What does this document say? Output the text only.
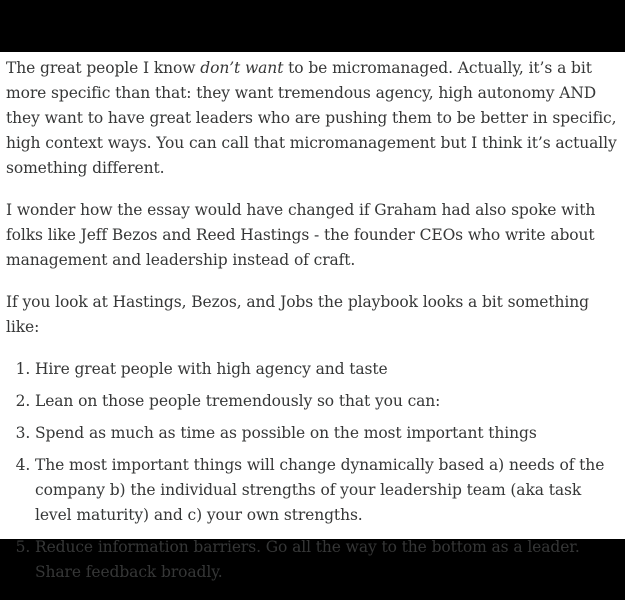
The great people I know don’t want to be micromanaged. Actually, it’s a bit more specific than that: they want tremendous agency, high autonomy AND they want to have great leaders who are pushing them to be better in specific, high context ways. You can call that micromanagement but I think it’s actually something different.

I wonder how the essay would have changed if Graham had also spoke with folks like Jeff Bezos and Reed Hastings - the founder CEOs who write about management and leadership instead of craft.

If you look at Hastings, Bezos, and Jobs the playbook looks a bit something like:

1. Hire great people with high agency and taste
2. Lean on those people tremendously so that you can:
3. Spend as much as time as possible on the most important things
4. The most important things will change dynamically based a) needs of the company b) the individual strengths of your leadership team (aka task level maturity) and c) your own strengths.
5. Reduce information barriers. Go all the way to the bottom as a leader. Share feedback broadly.
